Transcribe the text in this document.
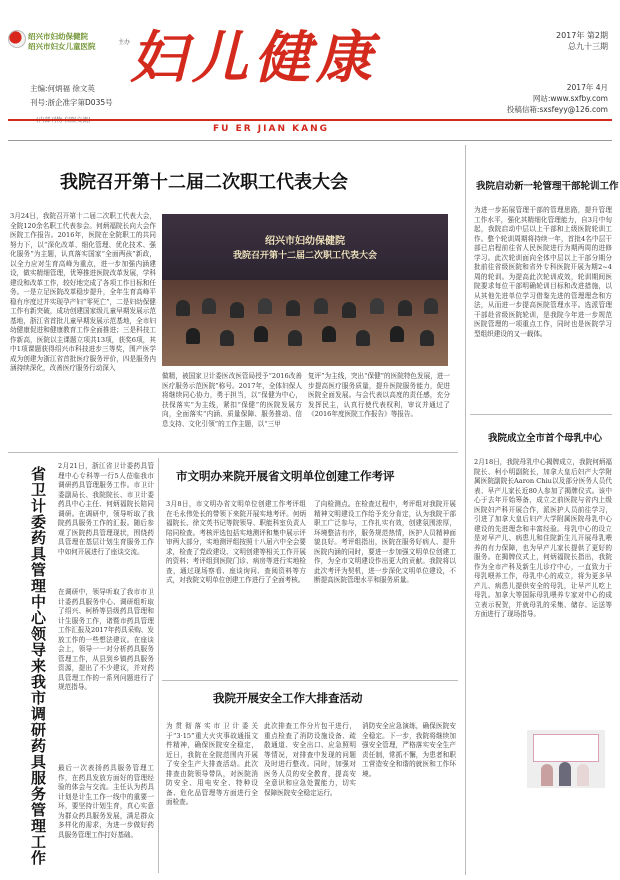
绍兴市妇幼保健院
绍兴市妇女儿童医院	主办 妇儿健康	2017年 第2期
总九十三期
主编:何炳福 徐文英
刊号:浙企准字第D035号
2017年 4月
网站:www.sxfby.com
投稿信箱:sxsfeyy@126.com
FU ER JIAN KANG
我院召开第十二届二次职工代表大会
3月24日，我院召开第十二届二次职工代表大会，全院120余名职工代表参会。何炳福院长向大会作医院工作报告。2016年，医院在全院职工的共同努力下，以“深化改革、细化管理、优化技术、强化服务”为主题，认真落实国家“全面两孩”新政，以全力应对生育高峰为重点，进一步加强内涵建设，做实精细管理，优筹推进医院改革发展，学科建设和改革工作，较好地完成了各项工作目标和任务。一是立足医院改革稳步提升，全年生育高峰平稳有序度过并实现孕产妇“零死亡”，二是妇幼保健工作有新突破，成功创建国家级儿童早期发展示范基地，浙江省首批儿童早期发展示范基地，全市妇幼健康促进和健康教育工作全面推进；三是科技工作新高，医院以主课题立项共13项，获奖6项，其中1项课题获得绍兴市科技进步三等奖，围产医学成为创建为浙江省首批医疗服务评价，四是服务内涵持续深化，改善医疗服务行动深入
绍兴市妇幼保健院
我院召开第十二届二次职工代表大会
做精，被国家卫计委医改医管局授予“2016改善医疗服务示范医院”称号。2017年，全体妇保人将继续同心协力，勇于担当，以“保健为中心，扶保落实”为主线，紧扣“保健”的医院发展方向，全面落实“内涵、质量保障、服务推动、信息支持、文化引领”的工作主题，以“三甲
复评”为主线，突出“保健”的医院特色发展，进一步提高医疗服务质量，提升医院服务能力，促进医院全面发展。与会代表以高度的责任感，充分发挥民主，认真行使代表权利，审议并通过了《2016年度医院工作报告》等报告。
省卫计委药具管理中心领导来我市调研药具服务管理工作 2月21日，浙江省卫计委药具管理中心专科等一行5人莅临我市调研药具管理服务工作。市卫计委副局长、我院院长、市卫计委药具中心主任、何炳福院长陪同调研。在调研中，领导听取了我院药具服务工作的汇报。随后参观了医院药具管理现状，围绕药具管理在基层计划生育服务工作中如何开展进行了座谈交流。
在调研中，领导听取了我市市卫计委药具服务中心、调研组听取了绍兴、柯桥等县级药具管理和计生服务工作，诸暨市药具管理工作汇报及2017年药具采购、发放工作的一些想法建议。在座谈会上，领导一一对分析药具服务管理工作，从县到乡镇药具服务资源，提出了不少建议，并对药具管理工作的一系列问题进行了规范指导。
最后一次表扬药具服务管理工作，在药具发放方面好的管理经验的体会与交流。主任认为药具计划是计生工作一线中的重要一环，要坚持计划生育，真心实意为群众药具服务发展，满足群众多样化的需求，为进一步做好药具服务管理工作打好基础。
市文明办来院开展省文明单位创建工作考评
3月8日，市文明办省文明单位创建工作考评组在毛永伟处长的带领下来院开展实地考评。何炳福院长、徐文英书记等院领导、职能科室负责人陪同检查。考核评选包括实地测评和集中展示评审两大部分，实地测评组按照十八届六中全会要求，检查了党政建设、文明创建等相关工作开展的资料；考评组到医院门诊、病房等进行实地检查，通过现场察看、座谈询问、查阅资料等方式，对我院文明单位创建工作进行了全面考核。
了向检测点。在检查过程中，考评组对我院开展精神文明建设工作给予充分肯定，认为我院干部职工广泛参与，工作扎实有效，创建氛围浓厚，环境整洁有序，服务规范热情，医护人员精神面貌良好。考评组指出，医院在服务好病人、提升医院内涵的同时，要进一步加强文明单位创建工作，为全市文明建设作出更大的贡献。我院将以此次考评为契机，进一步深化文明单位建设，不断提高医院管理水平和服务质量。
我院开展安全工作大排查活动
为贯彻落实市卫计委关于“3·15”重大火灾事故通报文件精神，确保医院安全稳定，近日，我院在全院范围内开展了安全生产大排查活动。此次排查由院领导带队，对医院消防安全、用电安全、特种设备、危化品管理等方面进行全面检查。
此次排查工作分片包干进行，重点检查了消防设施设备、疏散通道、安全出口、应急照明等情况，对排查中发现的问题及时进行整改。同时，加强对医务人员的安全教育，提高安全意识和应急处置能力，切实保障医院安全稳定运行。
消防安全应急演练，确保医院安全稳定。下一步，我院将继续加强安全管理，严格落实安全生产责任制，常抓不懈，为患者和职工营造安全和谐的就医和工作环境。
我院启动新一轮管理干部轮训工作
为进一步拓展管理干部的管理思路，提升管理工作水平，强化其精细化管理能力，自3月中旬起，我院启动中层以上干部和上级医院轮训工作。整个轮训周期将持续一年，首批4名中层干部已启程前往省人民医院进行为期两周的进修学习。此次轮训面向全体中层以上干部分期分批前往省级医院和省外专科医院开展为期2~4周的轮训。为提高此次轮训成效，轮训期间医院要求每位干部明确轮训目标和改进措施，以从其他先进单位学习借鉴先进的管理理念和方法，从而进一步提高医院管理水平。选派管理干部赴省级医院轮训，是我院今年进一步规范医院管理的一项重点工作，同时也是医院学习型组织建设的又一载体。
我院成立全市首个母乳中心
2月18日，我院母乳中心揭牌成立，我院何炳福院长、柯小明副院长，加拿大皇后妇产大学附属医院副院长Aaron Chiu以及部分医务人员代表、早产儿家长近80人参加了揭牌仪式。该中心于去年开始筹备，成立之前医院与省内上级医院妇产科开展合作，派医护人员前往学习，引进了加拿大皇后妇产大学附属医院母乳中心建设的先进理念和丰富经验。母乳中心的设立是对早产儿、病患儿和住院新生儿开展母乳喂养的有力保障，也为早产儿家长提供了更好的服务。在揭牌仪式上，何炳福院长指出，我院作为全市产科及新生儿诊疗中心，一直致力于母乳喂养工作，母乳中心的成立，将为更多早产儿、病患儿提供安全的母乳，让早产儿吃上母乳。加拿大等国际母乳喂养专家对中心的成立表示祝贺，并就母乳的采集、储存、运送等方面进行了现场指导。
